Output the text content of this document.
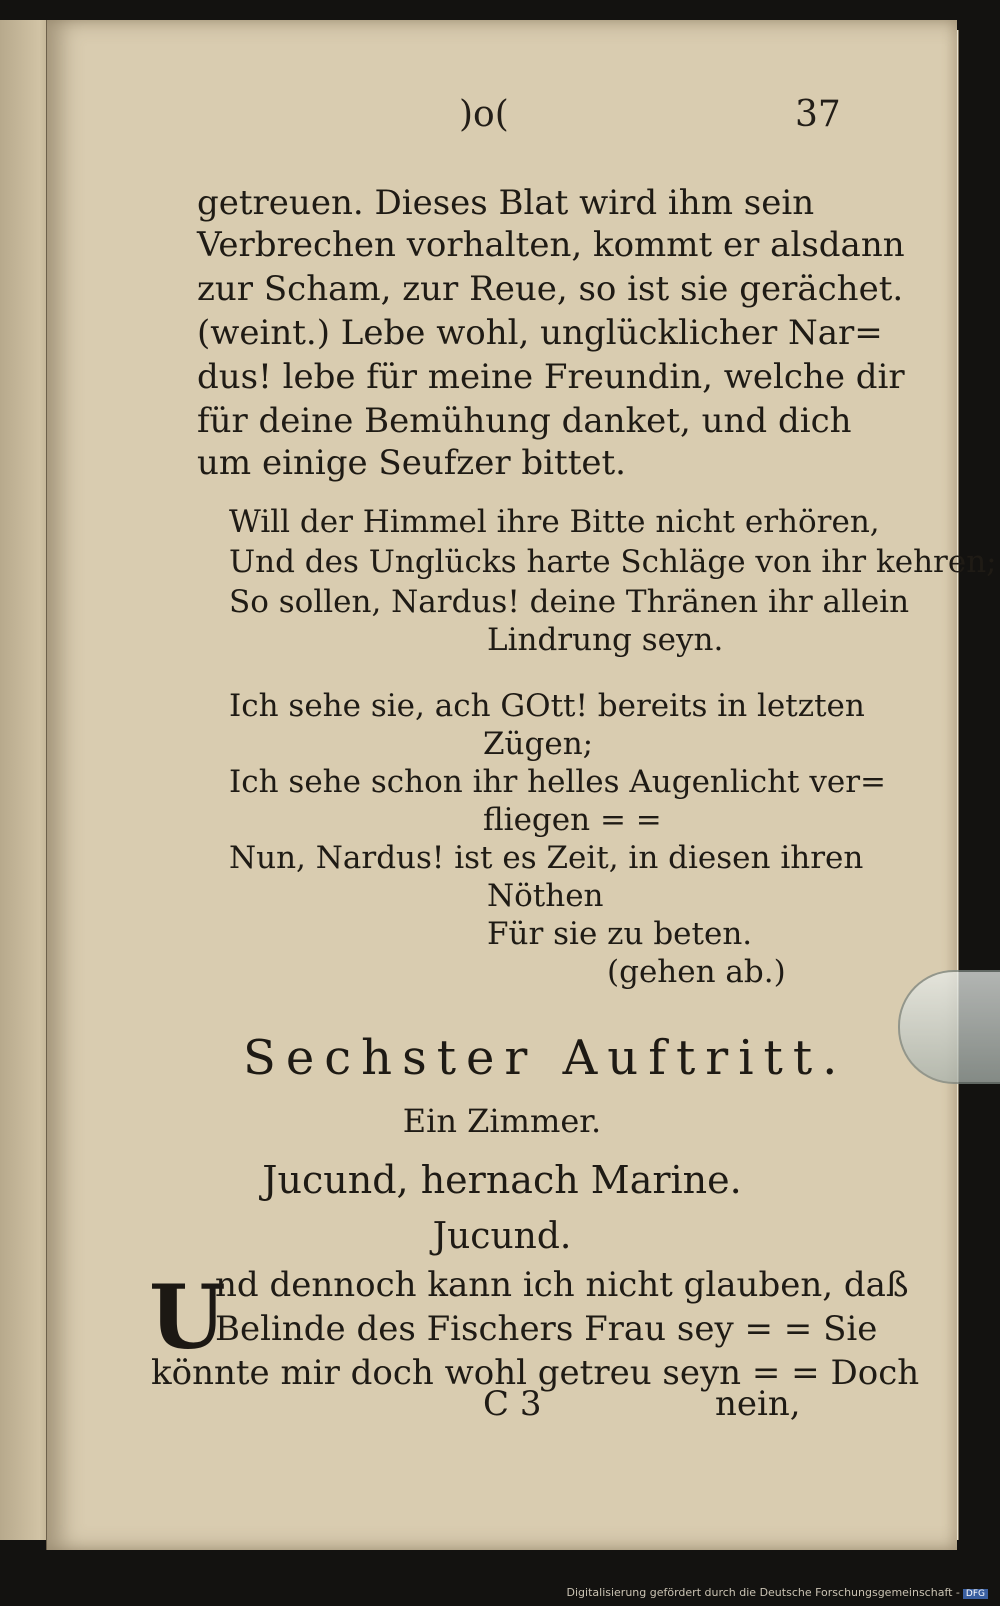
)o(	37
getreuen. Dieses Blat wird ihm sein
Verbrechen vorhalten, kommt er alsdann
zur Scham, zur Reue, so ist sie gerächet.
(weint.) Lebe wohl, unglücklicher Nar=
dus! lebe für meine Freundin, welche dir
für deine Bemühung danket, und dich
um einige Seufzer bittet.
Will der Himmel ihre Bitte nicht erhören,
Und des Unglücks harte Schläge von ihr kehren;
So sollen, Nardus! deine Thränen ihr allein
Lindrung seyn.
Ich sehe sie, ach GOtt! bereits in letzten
Zügen;
Ich sehe schon ihr helles Augenlicht ver=
fliegen = =
Nun, Nardus! ist es Zeit, in diesen ihren
Nöthen
Für sie zu beten.
(gehen ab.)
Sechster Auftritt.
Ein Zimmer.
Jucund, hernach Marine.
Jucund.
U
nd dennoch kann ich nicht glauben, daß
Belinde des Fischers Frau sey = = Sie
könnte mir doch wohl getreu seyn = = Doch
C 3	nein,
Digitalisierung gefördert durch die Deutsche Forschungsgemeinschaft - DFG
